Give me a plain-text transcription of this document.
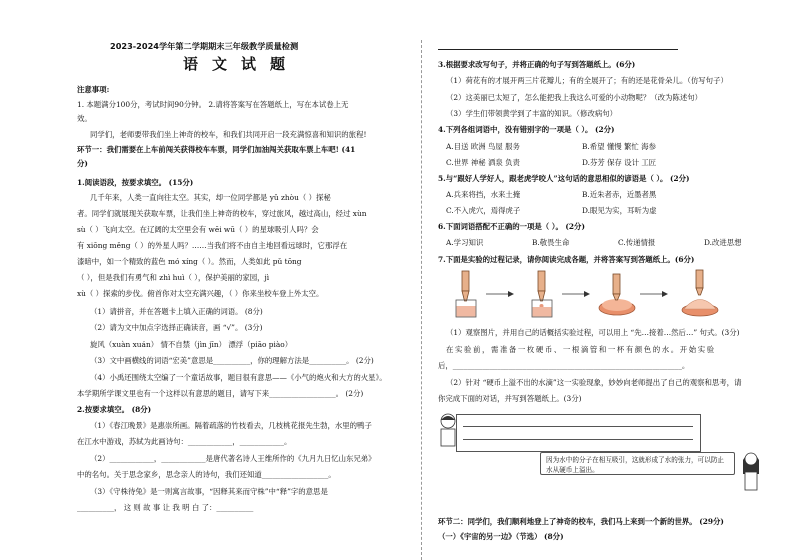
2023-2024学年第二学期期末三年级教学质量检测
语文试题
注意事项:
1. 本题满分100分，考试时间90分钟。 2.请将答案写在答题纸上，写在本试卷上无
效。
同学们，老师要带我们坐上神奇的校车，和我们共同开启一段充满惊喜和知识的旅程!
环节一：我们需要在上车前闯关获得校车车票，同学们加油闯关获取车票上车吧! (41
分)
1.阅读语段，按要求填空。 (15分)
几千年来，人类一直向往太空。其实，却一位同学都是 yǔ zhòu（ ）探秘
者。同学们就展现关获取车票，让我们坐上神奇的校车，穿过旅风，越过高山，经过 xùn
sù（ ）飞向太空。在辽阔的太空里会有 wēi wū（ ）的星球吸引人吗？会
有 xiōng měng（ ）的外星人吗？……当我们将不由自主地回看远球时，它那浮在
漆暗中，如一个精致的蓝色 mó xíng（ ）。然而，人类如此 pǔ tōng
（ ），但是我们有勇气和 zhì huì（ ），保护美丽的家园，jì
xù（ ）探索的步伐。俯首你对太空充满兴趣，（ ）你来坐校车登上外太空。
（1）请拼音，并在答题卡上填入正确的词语。 (8分)
（2）请为文中加点字选择正确读音，画 “√”。 (3分)
旋风（xuàn xuán） 情不自禁（jìn jīn） 漂浮（piāo piào）
（3）文中画横线的词语“宏美”意思是__________，你的理解方法是__________。 (2分)
（4）小禹还围绕太空编了一个童话故事，题目很有意思——《小气的炮火和大方的火星》。
本学期所学课文里也有一个这样以有意思的题目，请写下来__________________。 (2分)
2.按要求填空。 (8分)
（1）《春江晚景》是惠崇所画。隔着疏落的竹枝看去，几枝桃花报先生勃，水里的鸭子
在江水中游戏，苏轼为此画诗句：____________，____________。
（2）____________，____________是唐代著名诗人王维所作的《九月九日忆山东兄弟》
中的名句。关于思念家乡，思念亲人的诗句，我们还知道__________________。
（3）《守株待兔》是一则寓言故事，“因释其来而守株”中“释”字的意思是
__________， 这 则 故 事 让 我 明 白 了：__________
3.根据要求改写句子，并将正确的句子写到答题纸上。(6分)
（1）荷花有的才展开两三片花瓣儿；有的全展开了；有的还是花骨朵儿。（仿写句子）
（2）这美丽已太短了，怎么能把我上我这么可爱的小动物呢？（改为陈述句）
（3）学生们带领黄学到了丰富的知识。（修改病句）
4.下列各组词语中，没有错别字的一项是（ ）。 (2分)
A.目送 欧洲 鸟屋 服务	B.希望 懂慢 繁忙 海参
C.世界 神秘 洒泉 负责	D.芬芳 保存 设计 工匠
5.与“跟好人学好人，跟老虎学咬人”这句话的意思相似的谚语是（ ）。 (2分)
A.兵来将挡，水来土掩	B.近朱者赤，近墨者黑
C.不入虎穴，焉得虎子	D.眼见为实，耳听为虚
6.下面词语搭配不正确的一项是（ ）。 (2分)
A.学习知识	B.敬畏生命	C.传递情报	D.改进思想
7.下面是实验的过程记录，请你阅读完成各题，并将答案写到答题纸上。(6分)
（1）观察图片，并用自己的话概括实验过程，可以用上 “先…接着…然后…” 句式。(3分)
在实验前，需准备一枚硬币、一根滴管和一杯有颜色的水。开始实验
后，______________________________________________________________。
（2）针对 “硬币上溢不出的水滴”这一实验现象，妙妙向老师提出了自己的观察和思考，请
你完成下面的对话，并写到答题纸上。(3分)
环节二：同学们，我们顺利地登上了神奇的校车，我们马上来到一个新的世界。 (29分)
（一）《宇宙的另一边》（节选） (8分)
因为水中的分子在相互吸引，这就形成了水的张力，可以防止水从硬币上溢出。
